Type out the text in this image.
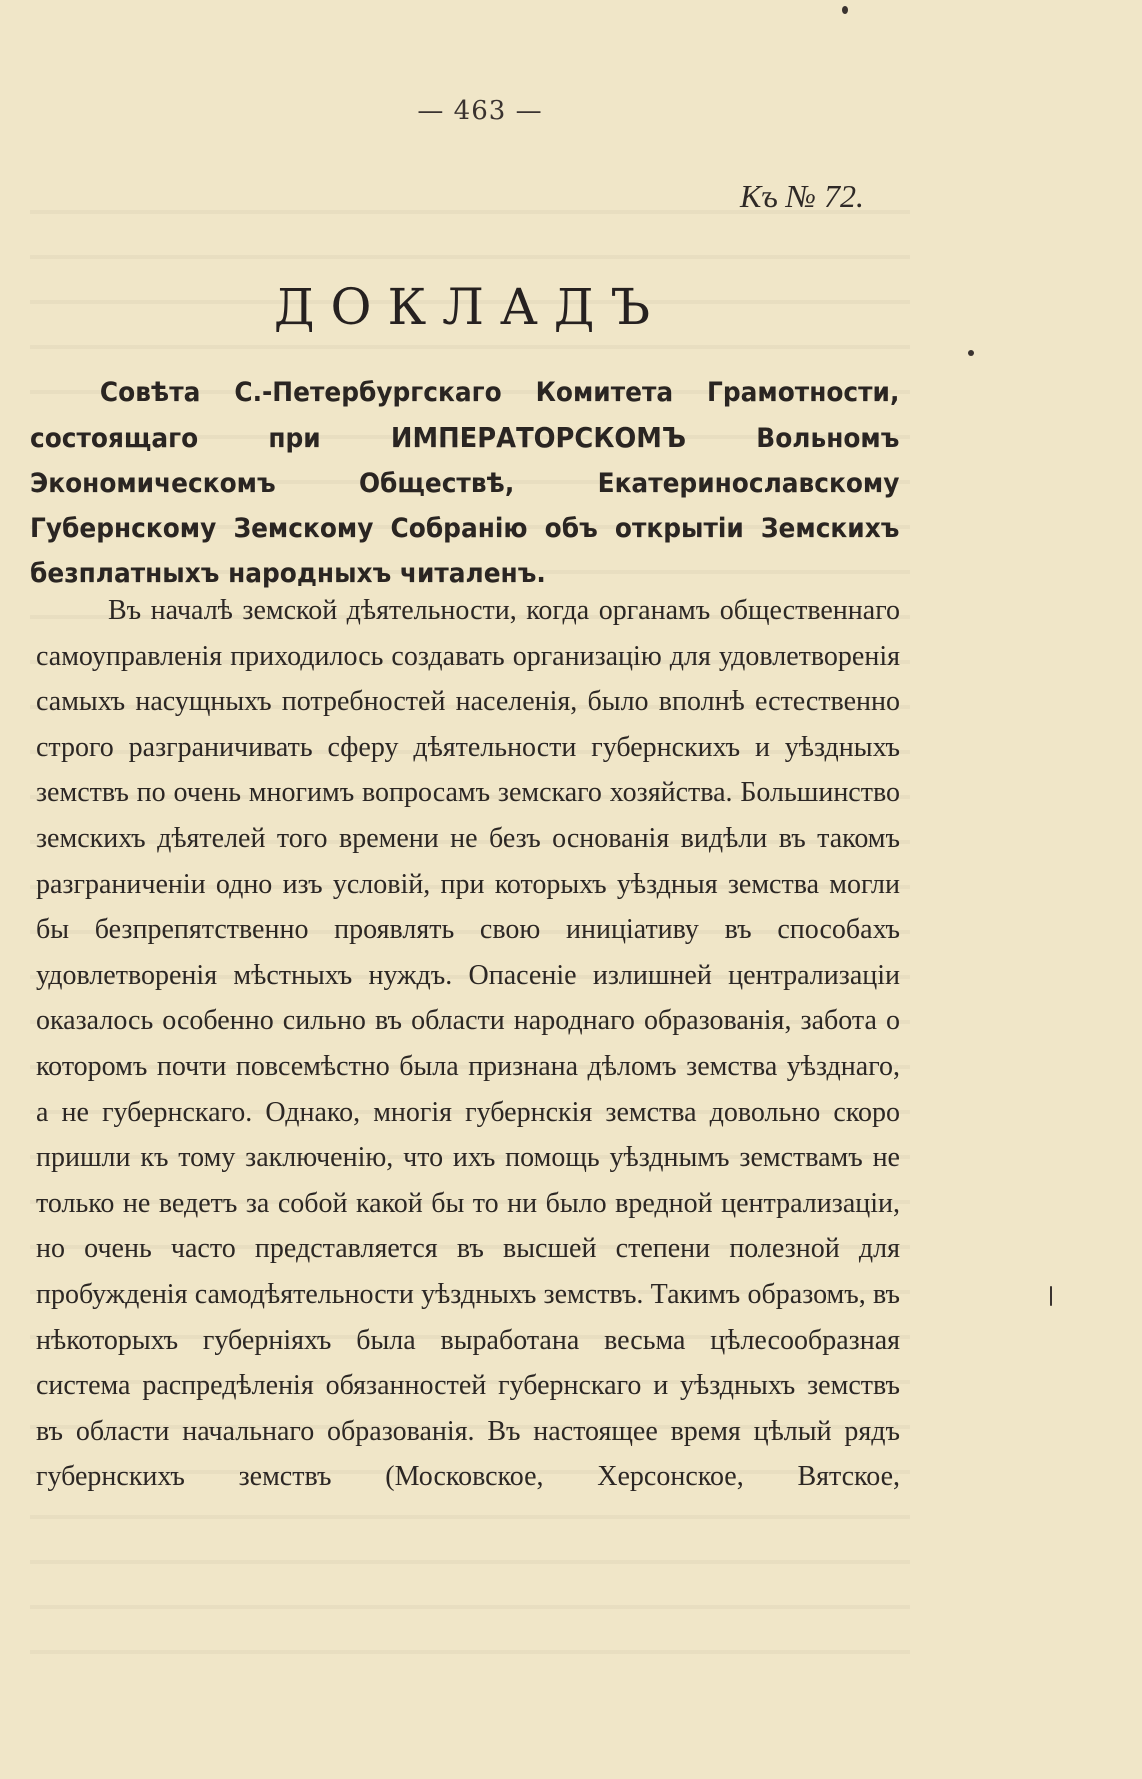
— 463 —
Къ № 72.
ДОКЛАДЪ
Совѣта С.-Петербургскаго Комитета Грамотности, состоящаго при ИМПЕРАТОРСКОМЪ Вольномъ Экономическомъ Обществѣ, Екатеринославскому Губернскому Земскому Собранію объ открытіи Земскихъ безплатныхъ народныхъ читаленъ.

Въ началѣ земской дѣятельности, когда органамъ общественнаго самоуправленія приходилось создавать организацію для удовлетворенія самыхъ насущныхъ потребностей населенія, было вполнѣ естественно строго разграничивать сферу дѣятельности губернскихъ и уѣздныхъ земствъ по очень многимъ вопросамъ земскаго хозяйства. Большинство земскихъ дѣятелей того времени не безъ основанія видѣли въ такомъ разграниченіи одно изъ условій, при которыхъ уѣздныя земства могли бы безпрепятственно проявлять свою иниціативу въ способахъ удовлетворенія мѣстныхъ нуждъ. Опасеніе излишней централизаціи оказалось особенно сильно въ области народнаго образованія, забота о которомъ почти повсемѣстно была признана дѣломъ земства уѣзднаго, а не губернскаго. Однако, многія губернскія земства довольно скоро пришли къ тому заключенію, что ихъ помощь уѣзднымъ земствамъ не только не ведетъ за собой какой бы то ни было вредной централизаціи, но очень часто представляется въ высшей степени полезной для пробужденія самодѣятельности уѣздныхъ земствъ. Такимъ образомъ, въ нѣкоторыхъ губерніяхъ была выработана весьма цѣлесообразная система распредѣленія обязанностей губернскаго и уѣздныхъ земствъ въ области начальнаго образованія. Въ настоящее время цѣлый рядъ губернскихъ земствъ (Московское, Херсонское, Вятское,
